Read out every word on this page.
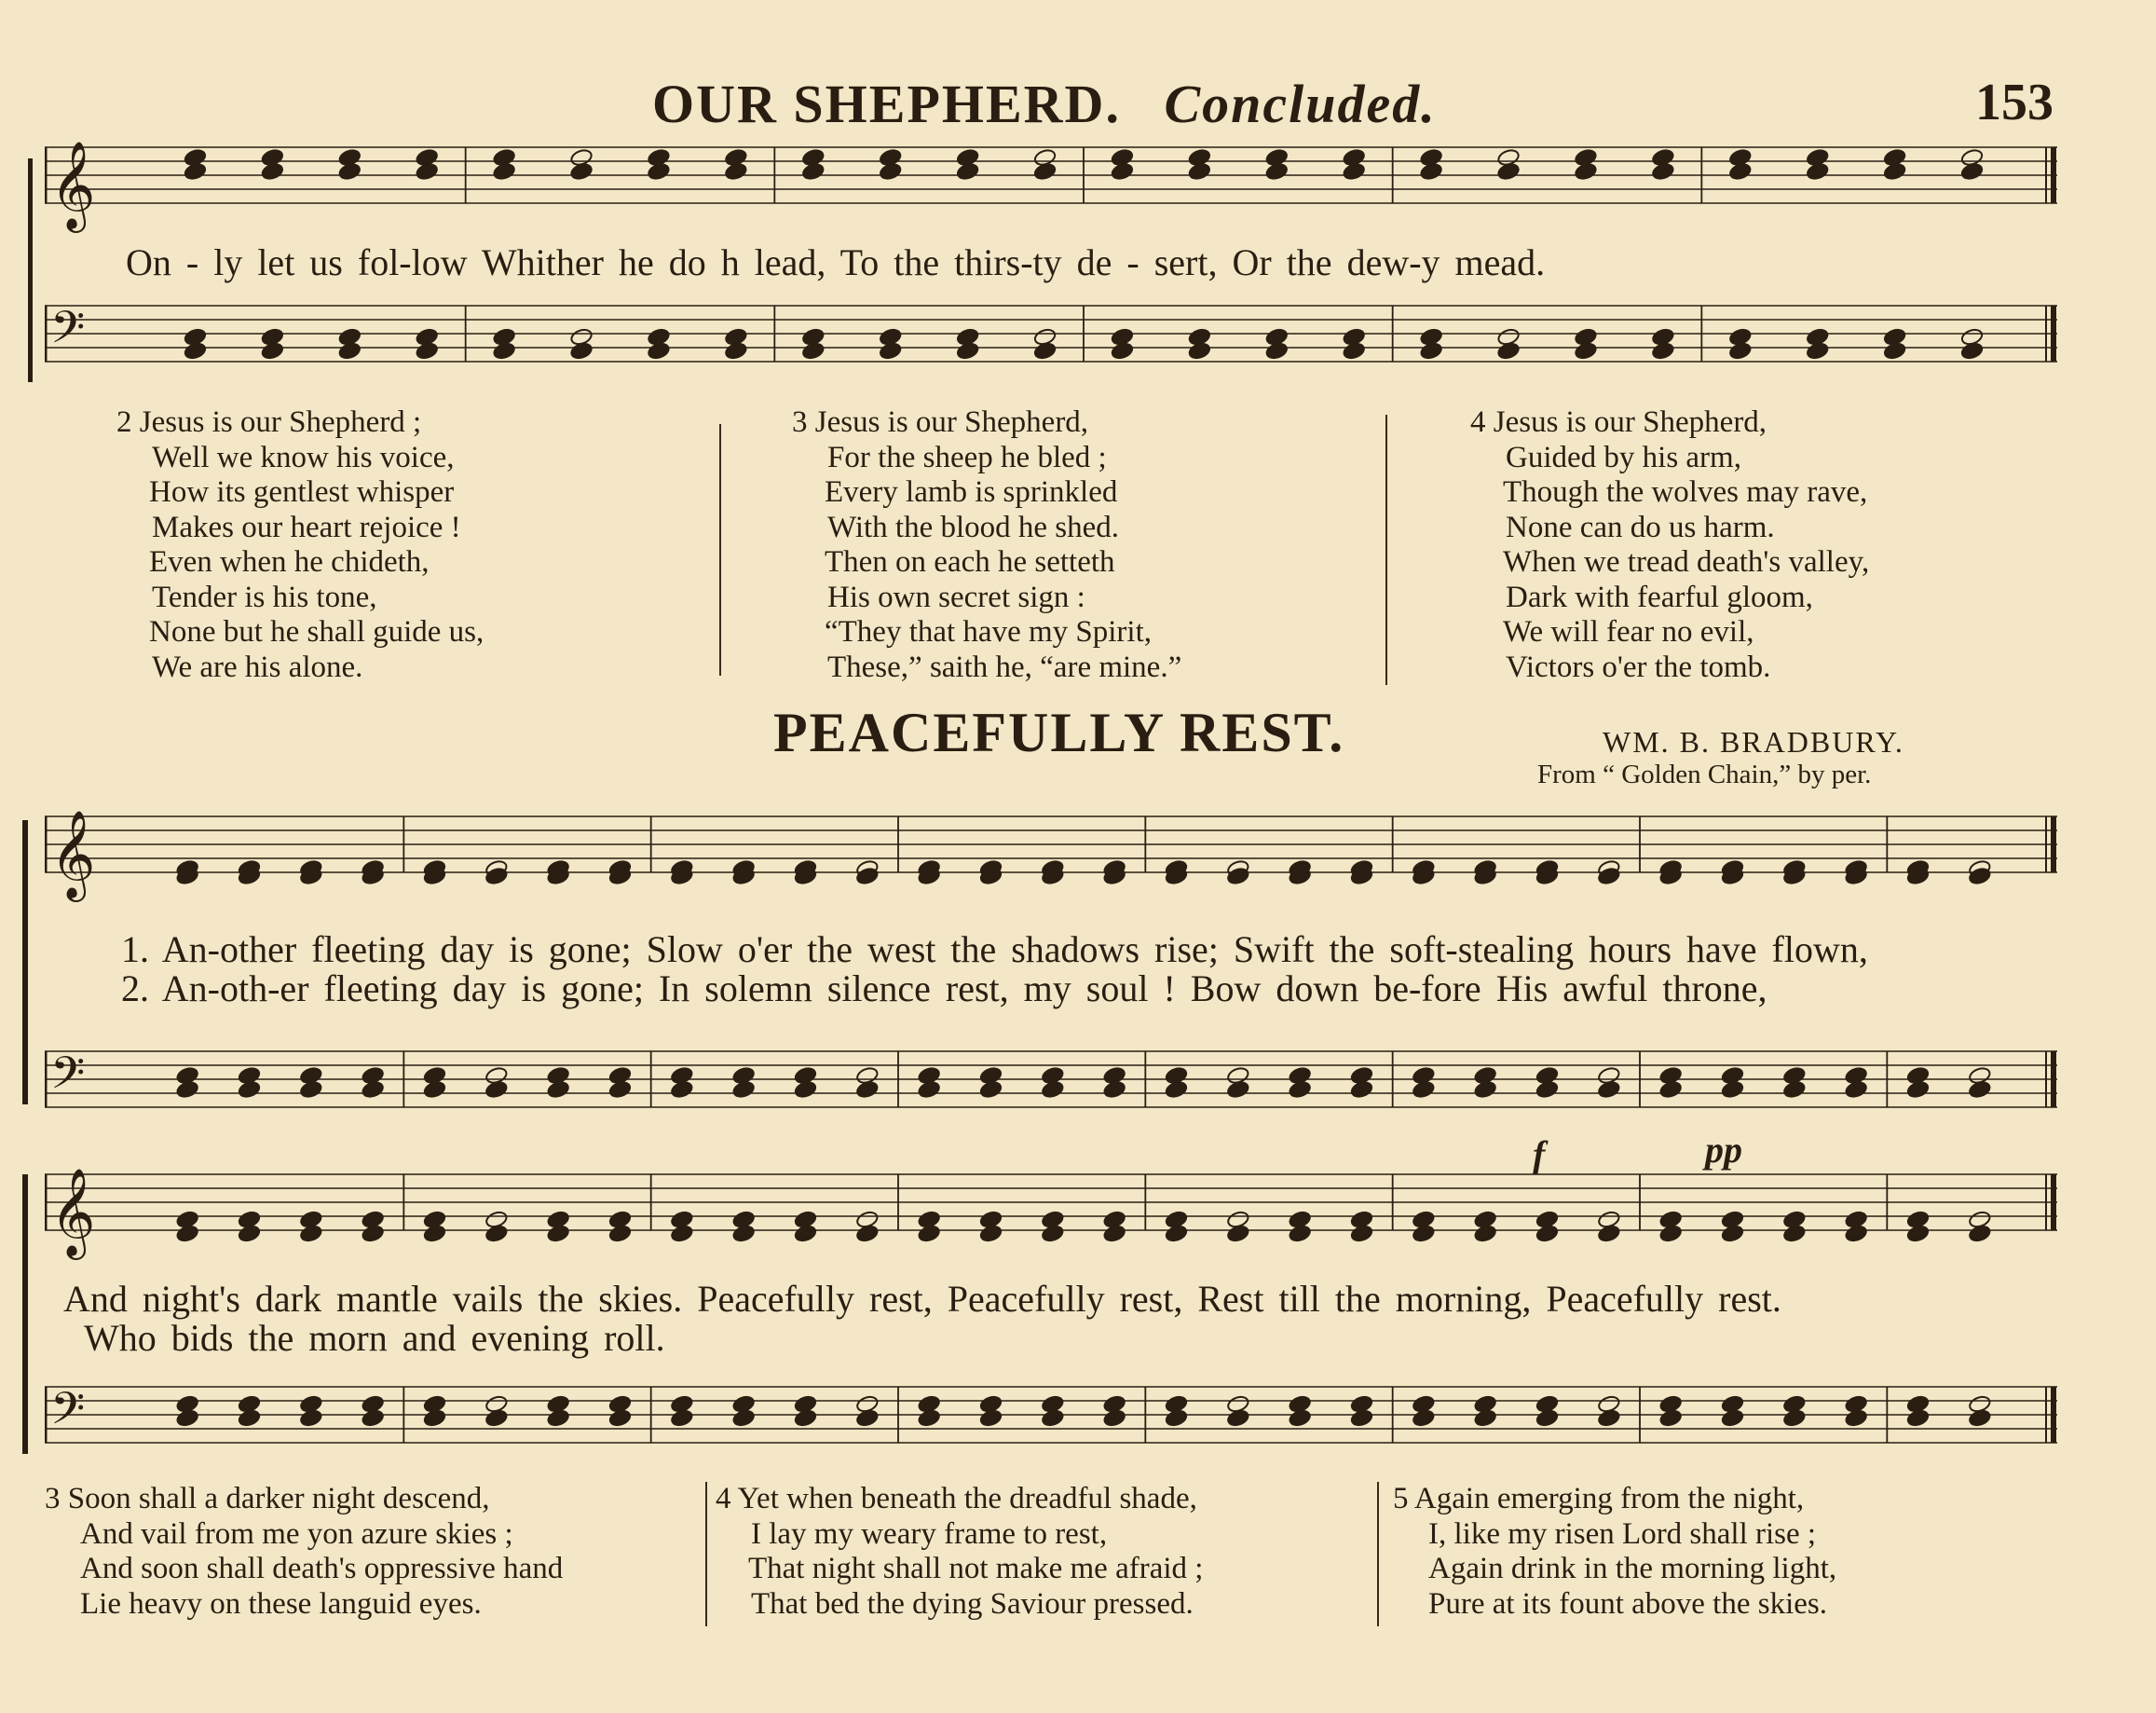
OUR SHEPHERD. Concluded.	153
𝄞
On - ly let us fol-low Whither he do h lead, To the thirs-ty de - sert, Or the dew-y mead.
𝄢
2 Jesus is our Shepherd ;
Well we know his voice,
How its gentlest whisper
Makes our heart rejoice !
Even when he chideth,
Tender is his tone,
None but he shall guide us,
We are his alone.
3 Jesus is our Shepherd,
For the sheep he bled ;
Every lamb is sprinkled
With the blood he shed.
Then on each he setteth
His own secret sign :
“They that have my Spirit,
These,” saith he, “are mine.”
4 Jesus is our Shepherd,
Guided by his arm,
Though the wolves may rave,
None can do us harm.
When we tread death's valley,
Dark with fearful gloom,
We will fear no evil,
Victors o'er the tomb.
PEACEFULLY REST.	WM. B. BRADBURY.
From “ Golden Chain,” by per.
𝄞
1. An-other fleeting day is gone; Slow o'er the west the shadows rise; Swift the soft-stealing hours have flown,
2. An-oth-er fleeting day is gone; In solemn silence rest, my soul ! Bow down be-fore His awful throne,
𝄢
𝄞
f	pp
And night's dark mantle vails the skies. Peacefully rest, Peacefully rest, Rest till the morning, Peacefully rest.
Who bids the morn and evening roll.
𝄢
3 Soon shall a darker night descend,
And vail from me yon azure skies ;
And soon shall death's oppressive hand
Lie heavy on these languid eyes.
4 Yet when beneath the dreadful shade,
I lay my weary frame to rest,
That night shall not make me afraid ;
That bed the dying Saviour pressed.
5 Again emerging from the night,
I, like my risen Lord shall rise ;
Again drink in the morning light,
Pure at its fount above the skies.
